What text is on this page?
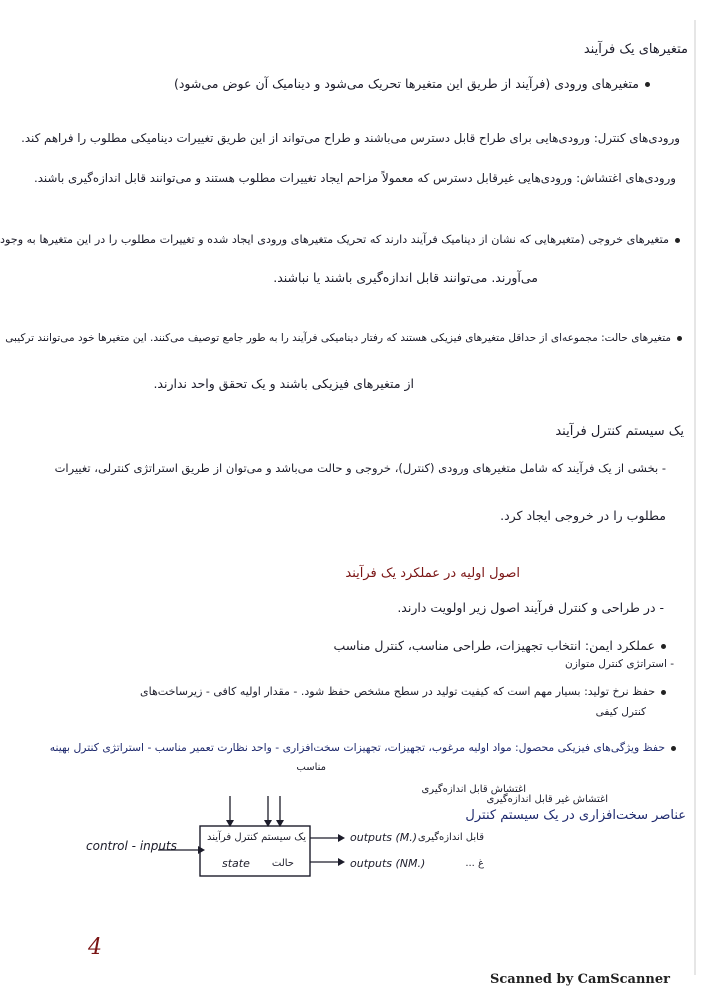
متغیرهای یک فرآیند
متغیرهای ورودی (فرآیند از طریق این متغیرها تحریک می‌شود و دینامیک آن عوض می‌شود)
ورودی‌های کنترل: ورودی‌هایی برای طراح قابل دسترس می‌باشند و طراح می‌تواند از این طریق تغییرات دینامیکی مطلوب را فراهم کند.
ورودی‌های اغتشاش: ورودی‌هایی غیرقابل دسترس که معمولاً مزاحم ایجاد تغییرات مطلوب هستند و می‌توانند قابل اندازه‌گیری باشند.
متغیرهای خروجی (متغیرهایی که نشان از دینامیک فرآیند دارند که تحریک متغیرهای ورودی ایجاد شده و تغییرات مطلوب را در این متغیرها به وجود
می‌آورند. می‌توانند قابل اندازه‌گیری باشند یا نباشند.
متغیرهای حالت: مجموعه‌ای از حداقل متغیرهای فیزیکی هستند که رفتار دینامیکی فرآیند را به طور جامع توصیف می‌کنند. این متغیرها خود می‌توانند ترکیبی
از متغیرهای فیزیکی باشند و یک تحقق واحد ندارند.
یک سیستم کنترل فرآیند
- بخشی از یک فرآیند که شامل متغیرهای ورودی (کنترل)، خروجی و حالت می‌باشد و می‌توان از طریق استراتژی کنترلی، تغییرات
مطلوب را در خروجی ایجاد کرد.
اصول اولیه در عملکرد یک فرآیند
- در طراحی و کنترل فرآیند اصول زیر اولویت دارند.
عملکرد ایمن: انتخاب تجهیزات، طراحی مناسب، کنترل مناسب
- استراتژی کنترل متوازن
حفظ نرخ تولید: بسیار مهم است که کیفیت تولید در سطح مشخص حفظ شود. - مقدار اولیه کافی - زیرساخت‌های
کنترل کیفی
حفظ ویژگی‌های فیزیکی محصول: مواد اولیه مرغوب، تجهیزات، تجهیزات سخت‌افزاری - واحد نظارت تعمیر مناسب - استراتژی کنترل بهینه
مناسب
عناصر سخت‌افزاری در یک سیستم کنترل
control - inputs
اغتشاش قابل اندازه‌گیری
اغتشاش غیر قابل اندازه‌گیری
یک سیستم کنترل فرآیند
state حالت
outputs (M.) قابل اندازه‌گیری
outputs (NM.)	غ ...
4
Scanned by CamScanner
